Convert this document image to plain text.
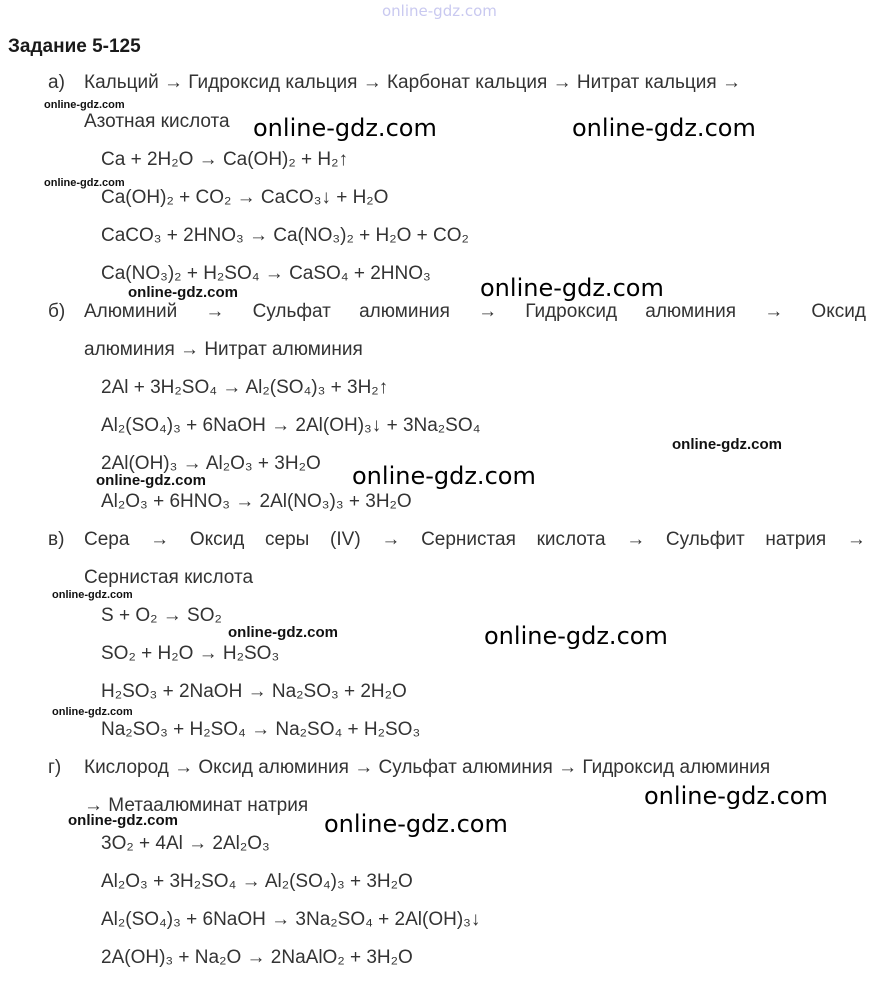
online-gdz.com
Задание 5-125
а) Кальций → Гидроксид кальция → Карбонат кальция → Нитрат кальция →
Азотная кислота
Ca + 2H₂O → Ca(OH)₂ + H₂↑
Ca(OH)₂ + CO₂ → CaCO₃↓ + H₂O
CaCO₃ + 2HNO₃ → Ca(NO₃)₂ + H₂O + CO₂
Ca(NO₃)₂ + H₂SO₄ → CaSO₄ + 2HNO₃
б) Алюминий → Сульфат алюминия → Гидроксид алюминия → Оксид
алюминия → Нитрат алюминия
2Al + 3H₂SO₄ → Al₂(SO₄)₃ + 3H₂↑
Al₂(SO₄)₃ + 6NaOH → 2Al(OH)₃↓ + 3Na₂SO₄
2Al(OH)₃ → Al₂O₃ + 3H₂O
Al₂O₃ + 6HNO₃ → 2Al(NO₃)₃ + 3H₂O
в) Сера → Оксид серы (IV) → Сернистая кислота → Сульфит натрия →
Сернистая кислота
S + O₂ → SO₂
SO₂ + H₂O → H₂SO₃
H₂SO₃ + 2NaOH → Na₂SO₃ + 2H₂O
Na₂SO₃ + H₂SO₄ → Na₂SO₄ + H₂SO₃
г) Кислород → Оксид алюминия → Сульфат алюминия → Гидроксид алюминия
→ Метаалюминат натрия
3O₂ + 4Al → 2Al₂O₃
Al₂O₃ + 3H₂SO₄ → Al₂(SO₄)₃ + 3H₂O
Al₂(SO₄)₃ + 6NaOH → 3Na₂SO₄ + 2Al(OH)₃↓
2A(OH)₃ + Na₂O → 2NaAlO₂ + 3H₂O
online-gdz.com
online-gdz.com	online-gdz.com
online-gdz.com
online-gdz.com	online-gdz.com
online-gdz.com
online-gdz.com
online-gdz.com
online-gdz.com
online-gdz.com	online-gdz.com
online-gdz.com
online-gdz.com
online-gdz.com	online-gdz.com
